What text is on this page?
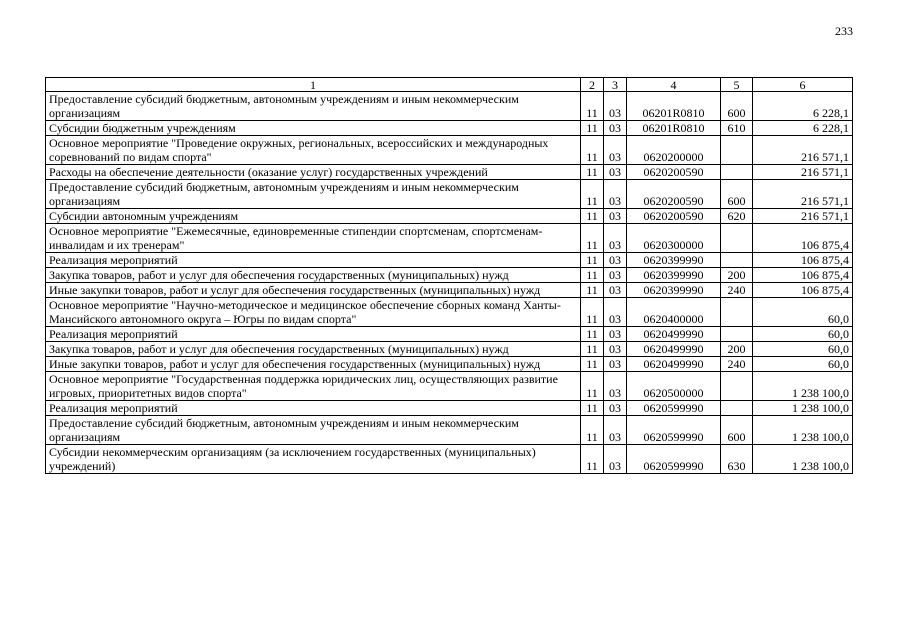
233
1	2	3	4	5	6
Предоставление субсидий бюджетным, автономным учреждениям и иным некоммерческим организациям	11	03	06201R0810	600	6 228,1
Субсидии бюджетным учреждениям	11	03	06201R0810	610	6 228,1
Основное мероприятие "Проведение окружных, региональных, всероссийских и международных соревнований по видам спорта"	11	03	0620200000		216 571,1
Расходы на обеспечение деятельности (оказание услуг) государственных учреждений	11	03	0620200590		216 571,1
Предоставление субсидий бюджетным, автономным учреждениям и иным некоммерческим организациям	11	03	0620200590	600	216 571,1
Субсидии автономным учреждениям	11	03	0620200590	620	216 571,1
Основное мероприятие "Ежемесячные, единовременные стипендии спортсменам, спортсменам-инвалидам и их тренерам"	11	03	0620300000		106 875,4
Реализация мероприятий	11	03	0620399990		106 875,4
Закупка товаров, работ и услуг для обеспечения государственных (муниципальных) нужд	11	03	0620399990	200	106 875,4
Иные закупки товаров, работ и услуг для обеспечения государственных (муниципальных) нужд	11	03	0620399990	240	106 875,4
Основное мероприятие "Научно-методическое и медицинское обеспечение сборных команд Ханты-Мансийского автономного округа – Югры по видам спорта"	11	03	0620400000		60,0
Реализация мероприятий	11	03	0620499990		60,0
Закупка товаров, работ и услуг для обеспечения государственных (муниципальных) нужд	11	03	0620499990	200	60,0
Иные закупки товаров, работ и услуг для обеспечения государственных (муниципальных) нужд	11	03	0620499990	240	60,0
Основное мероприятие "Государственная поддержка юридических лиц, осуществляющих развитие игровых, приоритетных видов спорта"	11	03	0620500000		1 238 100,0
Реализация мероприятий	11	03	0620599990		1 238 100,0
Предоставление субсидий бюджетным, автономным учреждениям и иным некоммерческим организациям	11	03	0620599990	600	1 238 100,0
Субсидии некоммерческим организациям (за исключением государственных (муниципальных) учреждений)	11	03	0620599990	630	1 238 100,0
